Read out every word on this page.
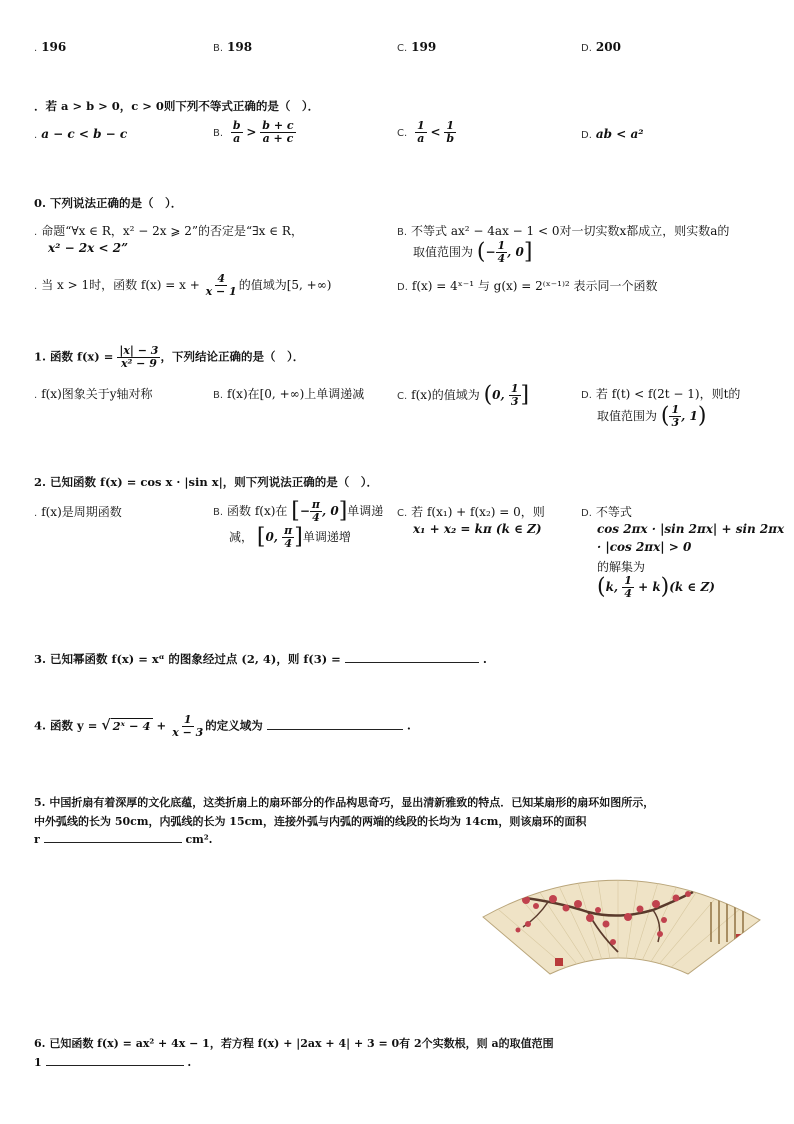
. 196	B. 198	C. 199	D. 200
．若 a > b > 0，c > 0则下列不等式正确的是（　）．
. a − c < b − c	B. $\frac{b}{a} > \frac{b + c}{a + c}$	C. $\frac{1}{a} < \frac{1}{b}$	D. ab < a²
0. 下列说法正确的是（　）．
. 命题“∀x ∈ R，x² − 2x ⩾ 2”的否定是“∃x ∈ R，
x² − 2x < 2”
B. 不等式 ax² − 4ax − 1 < 0对一切实数x都成立，则实数a的
取值范围为 (− $\frac{1}{4}$ , 0]
. 当 x > 1时，函数 $f(x) = x + \frac{4}{x - 1}$ 的值域为[5, +∞)	D. f(x) = 4ˣ⁻¹ 与 g(x) = 2⁽ˣ⁻¹⁾² 表示同一个函数
1. 函数 $f(x) = \frac{|x| - 3}{\text{x² − 9}}$ ，下列结论正确的是（　）．
. f(x)图象关于y轴对称	B. f(x)在[0, +∞)上单调递减	C. f(x)的值域为 (0, $\frac{1}{3}$ ]	D. 若 f(t) < f(2t − 1)，则t的
取值范围为 ( $\frac{1}{3}$ , 1)
2. 已知函数 f(x) = cos x · |sin x|，则下列说法正确的是（　）．
. f(x)是周期函数	B. 函数 f(x)在 [− $\frac{\pi}{4}$ , 0]单调递
减， [0, $\frac{\pi}{4}$ ]单调递增
C. 若 f(x₁) + f(x₂) = 0，则
x₁ + x₂ = kπ (k ∈ Z)
D. 不等式
cos 2πx · |sin 2πx| + sin 2πx
· |cos 2πx| > 0
的解集为
(k, $\frac{1}{4} + k)(k$ ∈ Z)
3. 已知幂函数 f(x) = xᵅ 的图象经过点 (2, 4)，则 f(3) =	.
4. 函数 y = √ 2ˣ − $4 + \frac{1}{x - 3}$ 的定义域为	.
5. 中国折扇有着深厚的文化底蕴，这类折扇上的扇环部分的作品构思奇巧，显出清新雅致的特点．已知某扇形的扇环如图所示，
中外弧线的长为 50cm，内弧线的长为 15cm，连接外弧与内弧的两端的线段的长均为 14cm，则该扇环的面积
r	cm².
6. 已知函数 f(x) = ax² + 4x − 1，若方程 f(x) + |2ax + 4| + 3 = 0有 2个实数根，则 a的取值范围
1	.
